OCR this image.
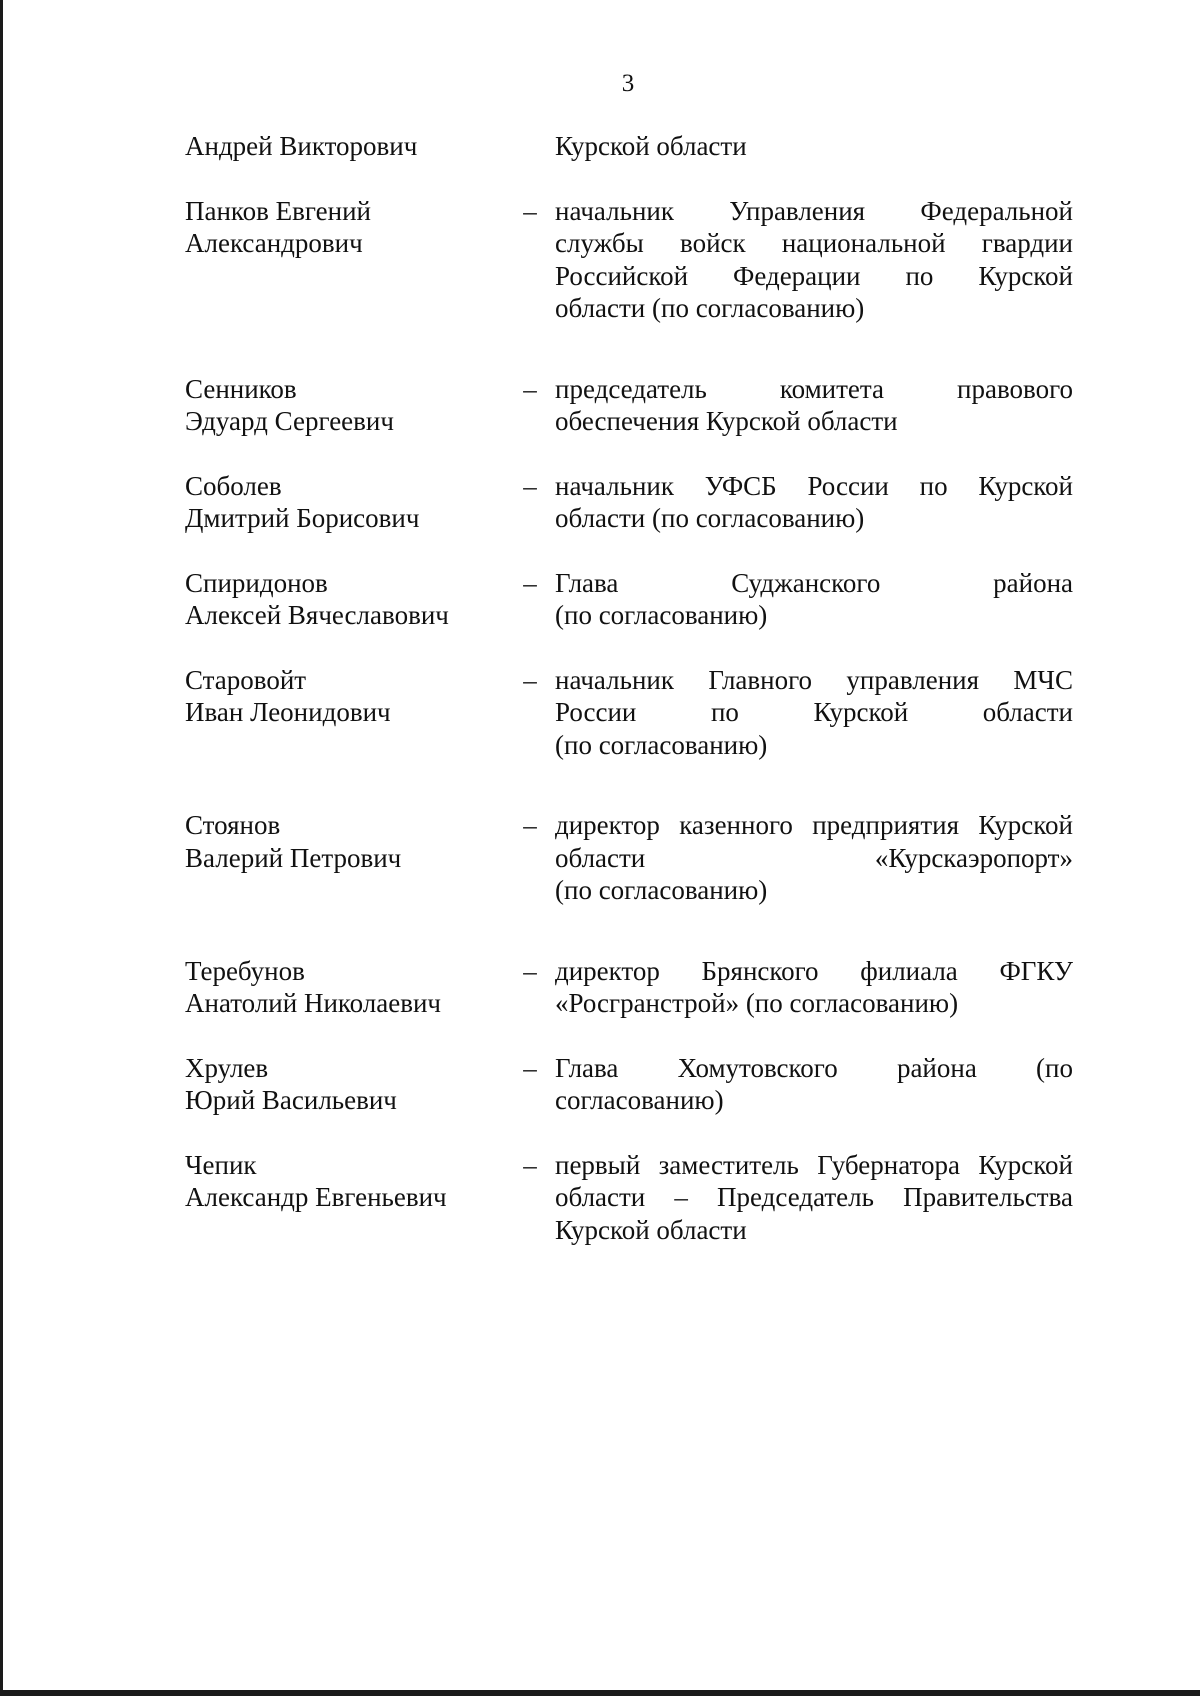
3
Андрей Викторович	Курской области
Панков Евгений
Александрович
– начальник Управления Федеральной
службы войск национальной гвардии
Российской Федерации по Курской
области (по согласованию)
Сенников
Эдуард Сергеевич
– председатель комитета правового
обеспечения Курской области
Соболев
Дмитрий Борисович
– начальник УФСБ России по Курской
области (по согласованию)
Спиридонов
Алексей Вячеславович
– Глава Суджанского района
(по согласованию)
Старовойт
Иван Леонидович
– начальник Главного управления МЧС
России по Курской области
(по согласованию)
Стоянов
Валерий Петрович
– директор казенного предприятия Курской
области «Курскаэропорт»
(по согласованию)
Теребунов
Анатолий Николаевич
– директор Брянского филиала ФГКУ
«Росгранстрой» (по согласованию)
Хрулев
Юрий Васильевич
– Глава Хомутовского района (по
согласованию)
Чепик
Александр Евгеньевич
– первый заместитель Губернатора Курской
области – Председатель Правительства
Курской области
